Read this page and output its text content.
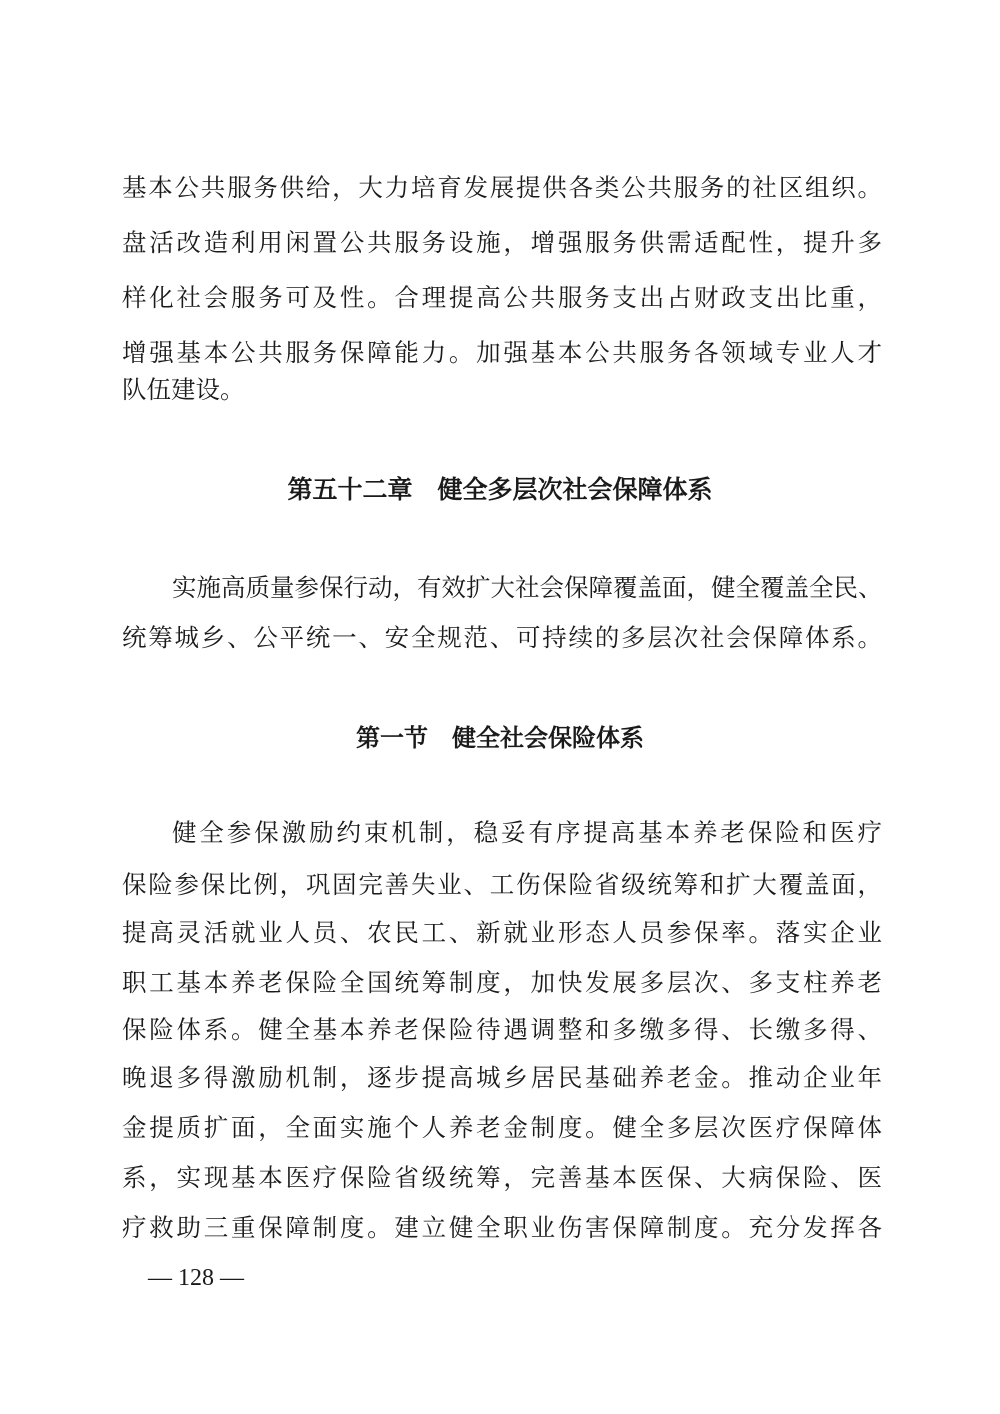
基本公共服务供给，大力培育发展提供各类公共服务的社区组织。
盘活改造利用闲置公共服务设施，增强服务供需适配性，提升多
样化社会服务可及性。合理提高公共服务支出占财政支出比重，
增强基本公共服务保障能力。加强基本公共服务各领域专业人才
队伍建设。
第五十二章　健全多层次社会保障体系
实施高质量参保行动，有效扩大社会保障覆盖面，健全覆盖全民、
统筹城乡、公平统一、安全规范、可持续的多层次社会保障体系。
第一节　健全社会保险体系
健全参保激励约束机制，稳妥有序提高基本养老保险和医疗
保险参保比例，巩固完善失业、工伤保险省级统筹和扩大覆盖面，
提高灵活就业人员、农民工、新就业形态人员参保率。落实企业
职工基本养老保险全国统筹制度，加快发展多层次、多支柱养老
保险体系。健全基本养老保险待遇调整和多缴多得、长缴多得、
晚退多得激励机制，逐步提高城乡居民基础养老金。推动企业年
金提质扩面，全面实施个人养老金制度。健全多层次医疗保障体
系，实现基本医疗保险省级统筹，完善基本医保、大病保险、医
疗救助三重保障制度。建立健全职业伤害保障制度。充分发挥各
— 128 —
